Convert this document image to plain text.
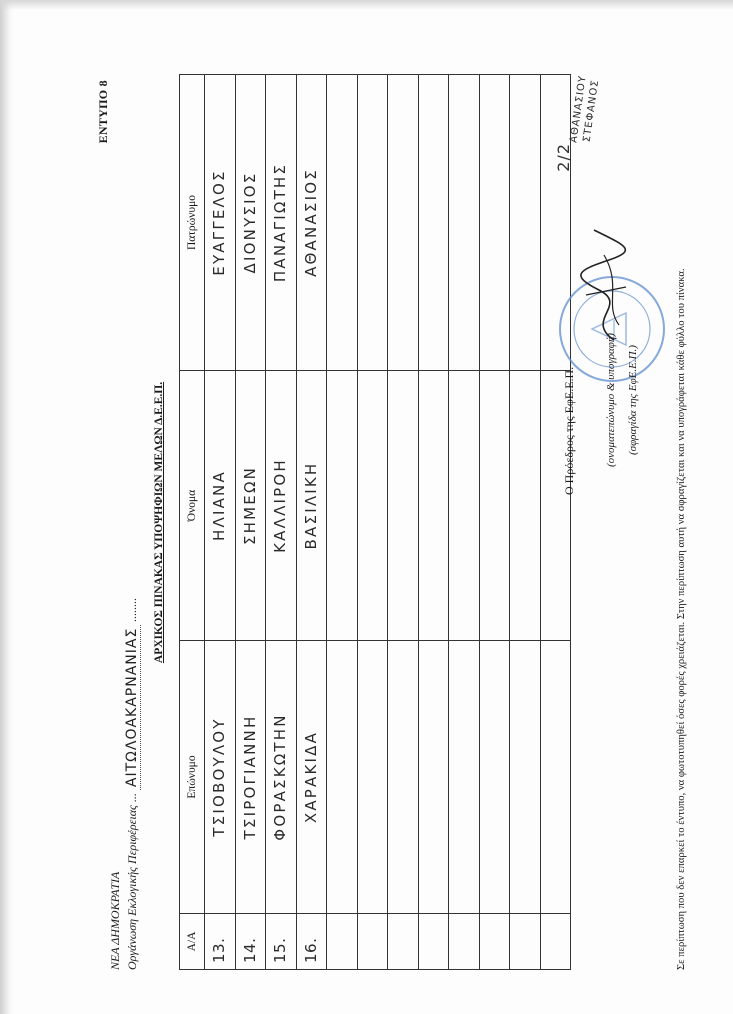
ΕΝΤΥΠΟ 8
ΝΕΑ ΔΗΜΟΚΡΑΤΙΑ Οργάνωση Εκλογικής Περιφέρειας ... ΑΙΤΩΛΟΑΚΑΡΝΑΝΙΑΣ ........ ΑΡΧΙΚΟΣ ΠΙΝΑΚΑΣ ΥΠΟΨΗΦΙΩΝ ΜΕΛΩΝ Δ.Ε.Ε.Π.
Α/Α	Επώνυμο	Όνομα	Πατρώνυμο
13.	ΤΣΙΟΒΟΥΛΟΥ	ΗΛΙΑΝΑ	ΕΥΑΓΓΕΛΟΣ
14.	ΤΣΙΡΟΓΙΑΝΝΗ	ΣΗΜΕΩΝ	ΔΙΟΝΥΣΙΟΣ
15.	ΦΟΡΑΣΚΩΤΗΝ	ΚΑΛΛΙΡΟΗ	ΠΑΝΑΓΙΩΤΗΣ
16.	ΧΑΡΑΚΙΔΑ	ΒΑΣΙΛΙΚΗ	ΑΘΑΝΑΣΙΟΣ

Ο Πρόεδρος της ΕφΕ.Ε.Π.
2/2
(ονοματεπώνυμο & υπογραφή) (σφραγίδα της ΕφΕ.Ε.Π.)
ΑΘΑΝΑΣΙΟΥ ΣΤΕΦΑΝΟΣ
Σε περίπτωση που δεν επαρκεί το έντυπο, να φωτοτυπηθεί όσες φορές χρειάζεται. Στην περίπτωση αυτή να σφραγίζεται και να υπογράφεται κάθε φύλλο του πίνακα.
